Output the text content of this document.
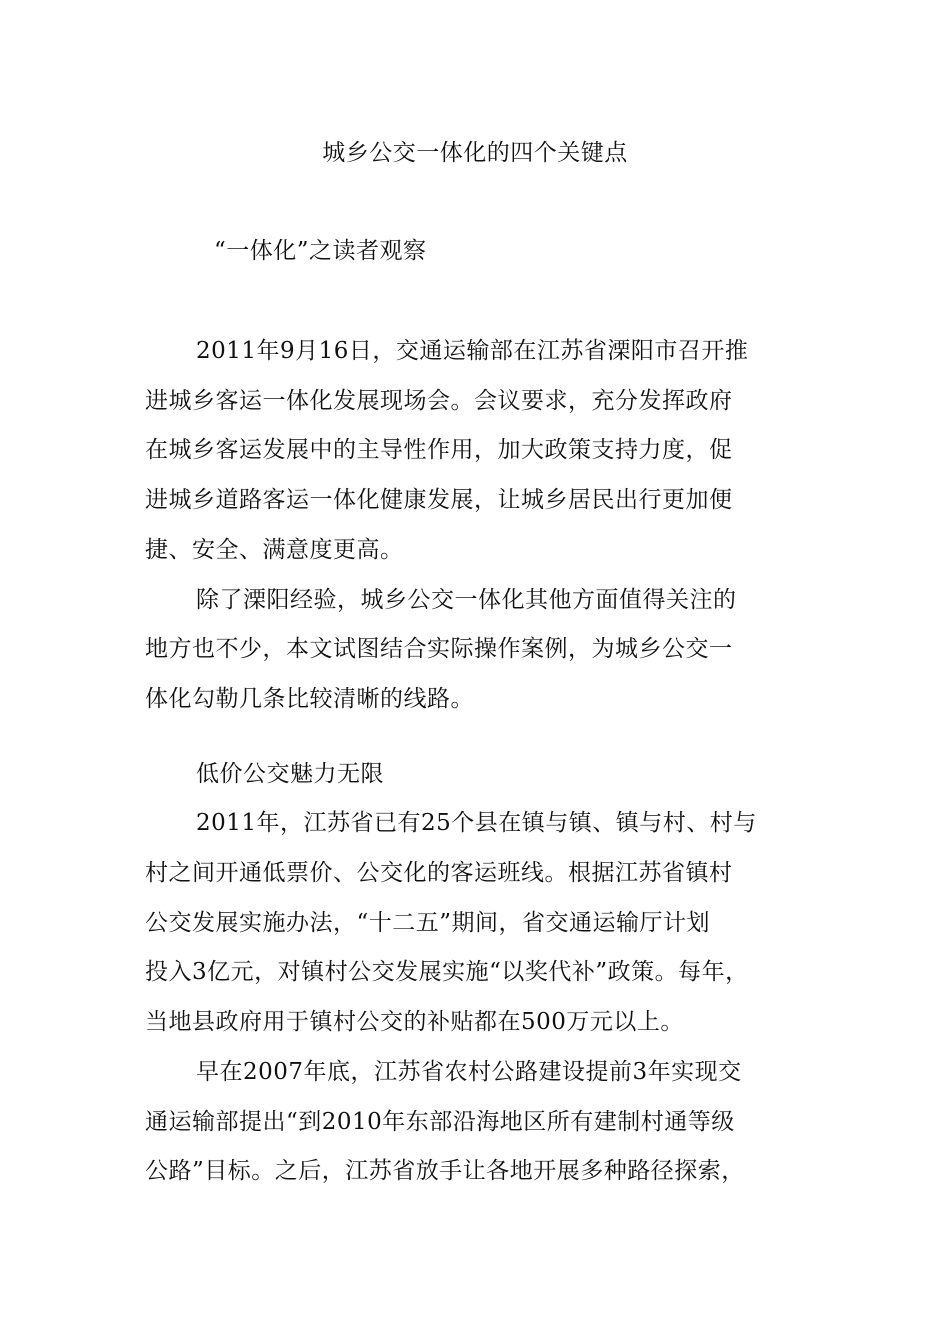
城乡公交一体化的四个关键点
“一体化”之读者观察
2011年9月16日，交通运输部在江苏省溧阳市召开推
进城乡客运一体化发展现场会。会议要求，充分发挥政府
在城乡客运发展中的主导性作用，加大政策支持力度，促
进城乡道路客运一体化健康发展，让城乡居民出行更加便
捷、安全、满意度更高。
除了溧阳经验，城乡公交一体化其他方面值得关注的
地方也不少，本文试图结合实际操作案例，为城乡公交一
体化勾勒几条比较清晰的线路。
低价公交魅力无限
2011年，江苏省已有25个县在镇与镇、镇与村、村与
村之间开通低票价、公交化的客运班线。根据江苏省镇村
公交发展实施办法，“十二五”期间，省交通运输厅计划
投入3亿元，对镇村公交发展实施“以奖代补”政策。每年，
当地县政府用于镇村公交的补贴都在500万元以上。
早在2007年底，江苏省农村公路建设提前3年实现交
通运输部提出“到2010年东部沿海地区所有建制村通等级
公路”目标。之后，江苏省放手让各地开展多种路径探索，
